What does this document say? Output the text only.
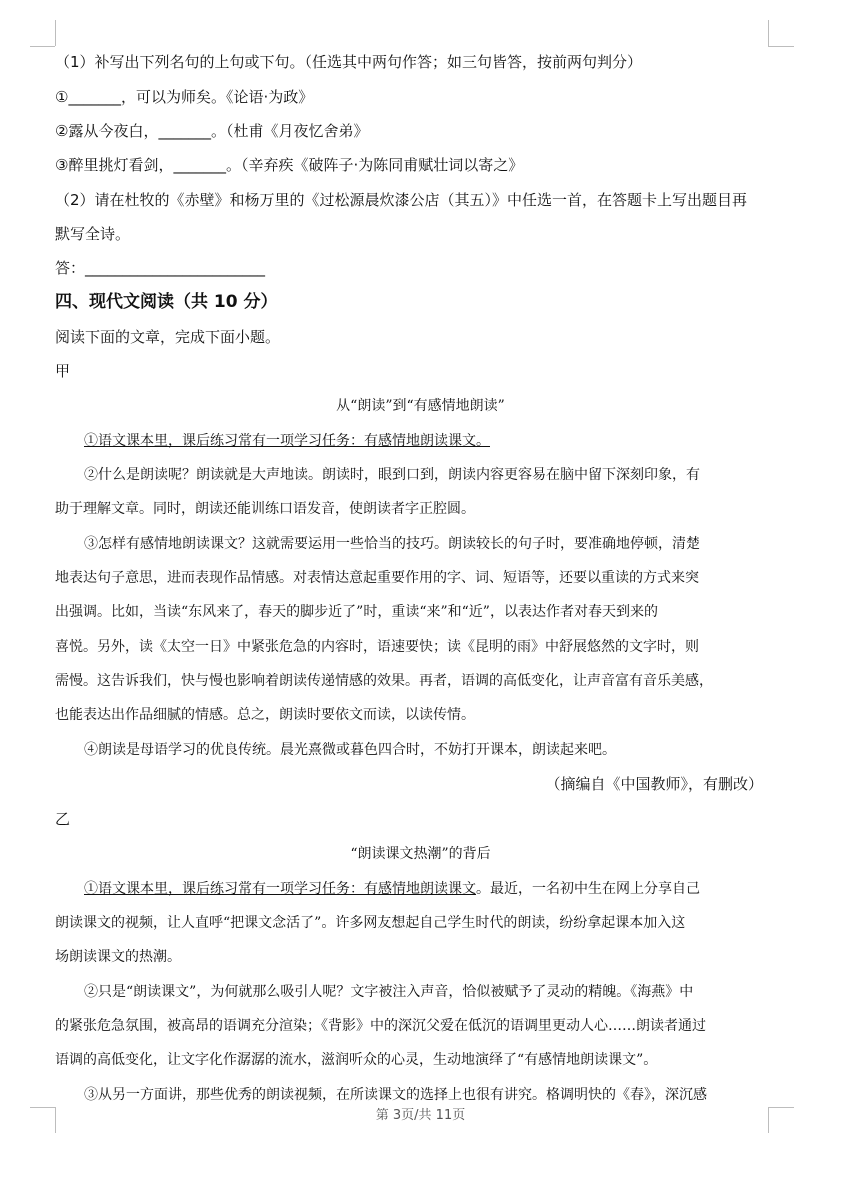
（1）补写出下列名句的上句或下句。（任选其中两句作答；如三句皆答，按前两句判分）
①_______，可以为师矣。《论语·为政》
②露从今夜白，_______。（杜甫《月夜忆舍弟》
③醉里挑灯看剑，_______。（辛弃疾《破阵子·为陈同甫赋壮词以寄之》
（2）请在杜牧的《赤壁》和杨万里的《过松源晨炊漆公店（其五）》中任选一首，在答题卡上写出题目再
默写全诗。
答：________________________
四、现代文阅读（共 10 分）
阅读下面的文章，完成下面小题。
甲
从“朗读”到“有感情地朗读”
①语文课本里，课后练习常有一项学习任务：有感情地朗读课文。
②什么是朗读呢？朗读就是大声地读。朗读时，眼到口到，朗读内容更容易在脑中留下深刻印象，有
助于理解文章。同时，朗读还能训练口语发音，使朗读者字正腔圆。
③怎样有感情地朗读课文？这就需要运用一些恰当的技巧。朗读较长的句子时，要准确地停顿，清楚
地表达句子意思，进而表现作品情感。对表情达意起重要作用的字、词、短语等，还要以重读的方式来突
出强调。比如，当读“东风来了，春天的脚步近了”时，重读“来”和“近”，以表达作者对春天到来的
喜悦。另外，读《太空一日》中紧张危急的内容时，语速要快；读《昆明的雨》中舒展悠然的文字时，则
需慢。这告诉我们，快与慢也影响着朗读传递情感的效果。再者，语调的高低变化，让声音富有音乐美感，
也能表达出作品细腻的情感。总之，朗读时要依文而读，以读传情。
④朗读是母语学习的优良传统。晨光熹微或暮色四合时，不妨打开课本，朗读起来吧。
（摘编自《中国教师》，有删改）
乙
“朗读课文热潮”的背后
①语文课本里，课后练习常有一项学习任务：有感情地朗读课文。最近，一名初中生在网上分享自己
朗读课文的视频，让人直呼“把课文念活了”。许多网友想起自己学生时代的朗读，纷纷拿起课本加入这
场朗读课文的热潮。
②只是“朗读课文”，为何就那么吸引人呢？文字被注入声音，恰似被赋予了灵动的精魄。《海燕》中
的紧张危急氛围，被高昂的语调充分渲染；《背影》中的深沉父爱在低沉的语调里更动人心……朗读者通过
语调的高低变化，让文字化作潺潺的流水，滋润听众的心灵，生动地演绎了“有感情地朗读课文”。
③从另一方面讲，那些优秀的朗读视频，在所读课文的选择上也很有讲究。格调明快的《春》，深沉感
第 3页/共 11页
